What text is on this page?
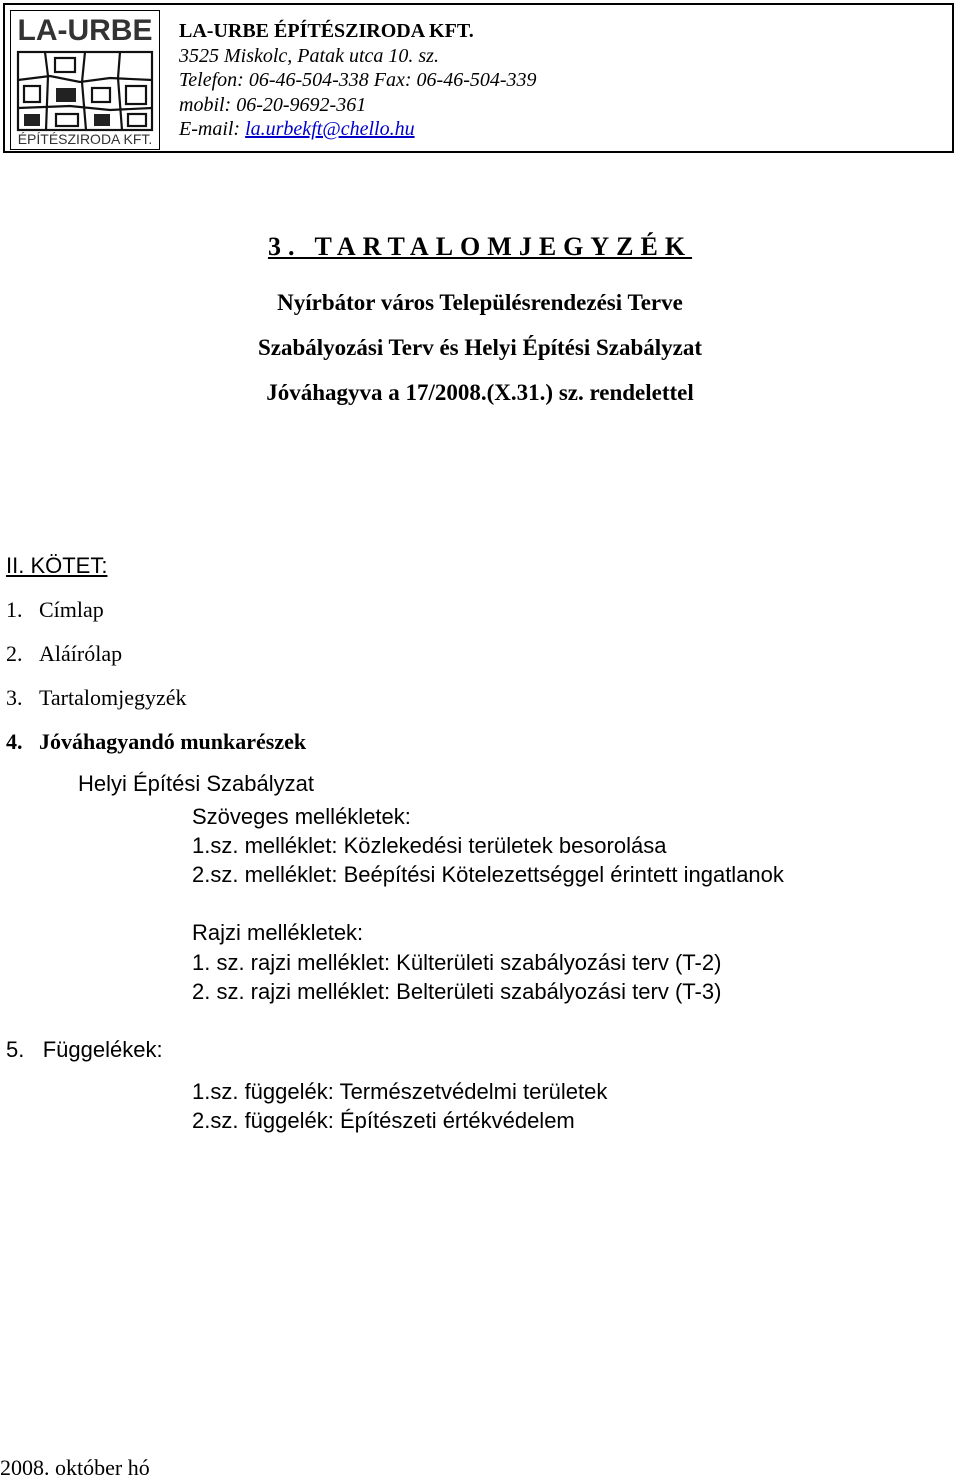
LA-URBE
ÉPÍTÉSZIRODA KFT.
LA-URBE ÉPÍTÉSZIRODA KFT.
3525 Miskolc, Patak utca 10. sz.
Telefon: 06-46-504-338 Fax: 06-46-504-339
mobil: 06-20-9692-361
E-mail: la.urbekft@chello.hu
3. TARTALOMJEGYZÉK
Nyírbátor város Településrendezési Terve
Szabályozási Terv és Helyi Építési Szabályzat
Jóváhagyva a 17/2008.(X.31.) sz. rendelettel
II. KÖTET:
1. Címlap
2. Aláírólap
3. Tartalomjegyzék
4. Jóváhagyandó munkarészek
Helyi Építési Szabályzat
Szöveges mellékletek:
1.sz. melléklet: Közlekedési területek besorolása
2.sz. melléklet: Beépítési Kötelezettséggel érintett ingatlanok
Rajzi mellékletek:
1. sz. rajzi melléklet: Külterületi szabályozási terv (T-2)
2. sz. rajzi melléklet: Belterületi szabályozási terv (T-3)
5. Függelékek:
1.sz. függelék: Természetvédelmi területek
2.sz. függelék: Építészeti értékvédelem
2008. október hó
